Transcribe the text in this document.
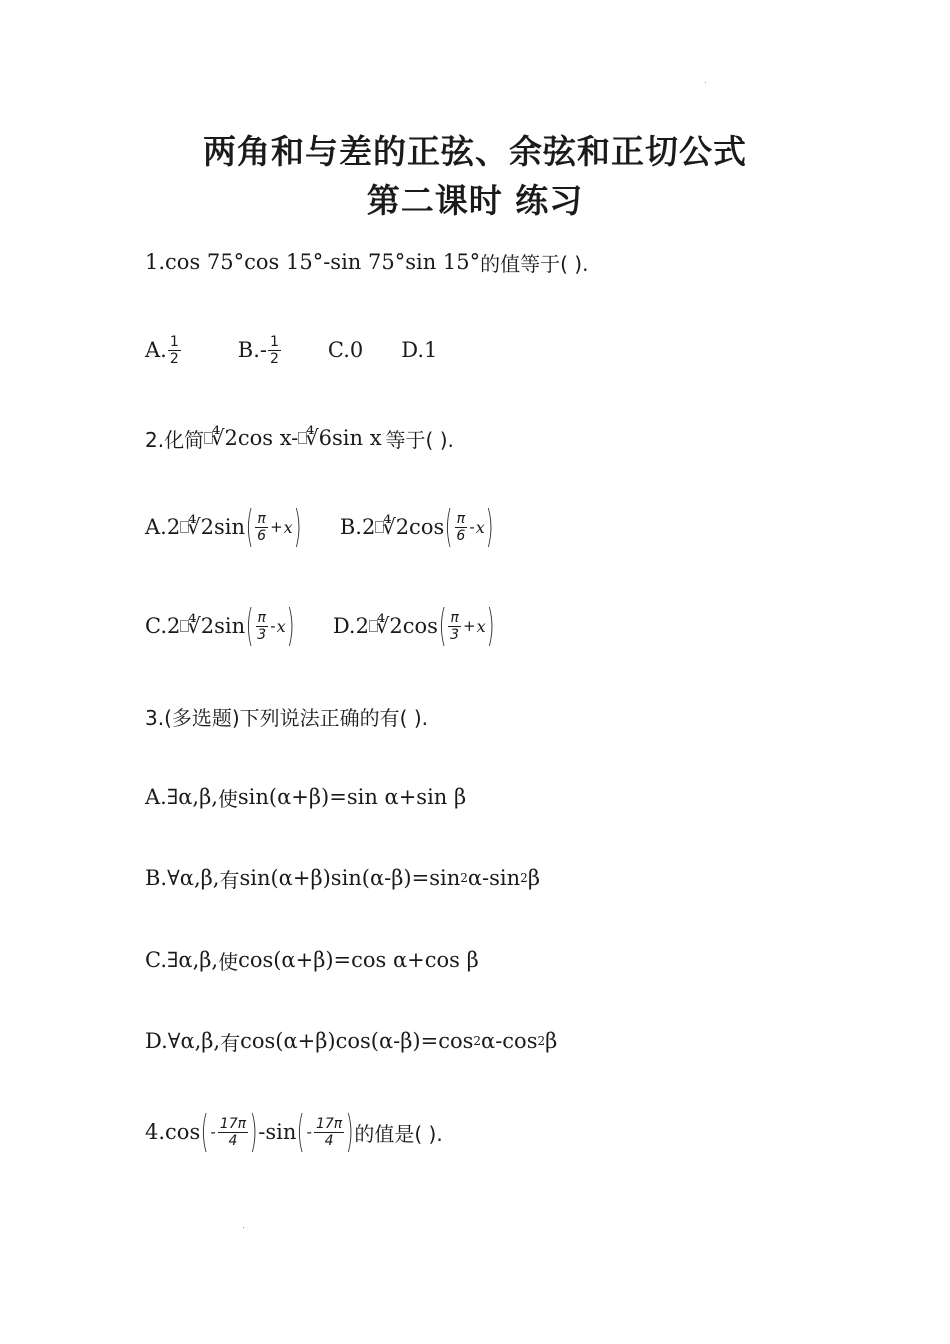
两角和与差的正弦、余弦和正切公式
第二课时 练习
1.cos 75°cos 15°-sin 75°sin 15° 的值等于( ).
A. $\frac{1}{2}$	$B.- \frac{1}{2} C.0$ D.1
2.化简 ∜2cos x- ∜6sin x 等于( ).
A.2 ∜2sin ( $\frac{\pi}{6} + x$ ) B.2 ∜2cos ( $\frac{\pi}{6}$ - x )
C.2 ∜2sin ( $\frac{\pi}{3}$ - x ) D.2 ∜2cos ( $\frac{\pi}{3} + x$ )
3.(多选题)下列说法正确的有( ).
A.∃α,β, 使 sin(α+β)=sin α+sin β
B.∀α,β, 有 sin(α+β)sin(α-β)=sin 2 α-sin 2 β
C.∃α,β, 使 cos(α+β)=cos α+cos β
D.∀α,β, 有 cos(α+β)cos(α-β)=cos 2 α-cos 2 β
4.cos ( - $\frac{17\pi}{4}$ ) -sin ( - $\frac{17\pi}{4}$ ) 的值是( ).
